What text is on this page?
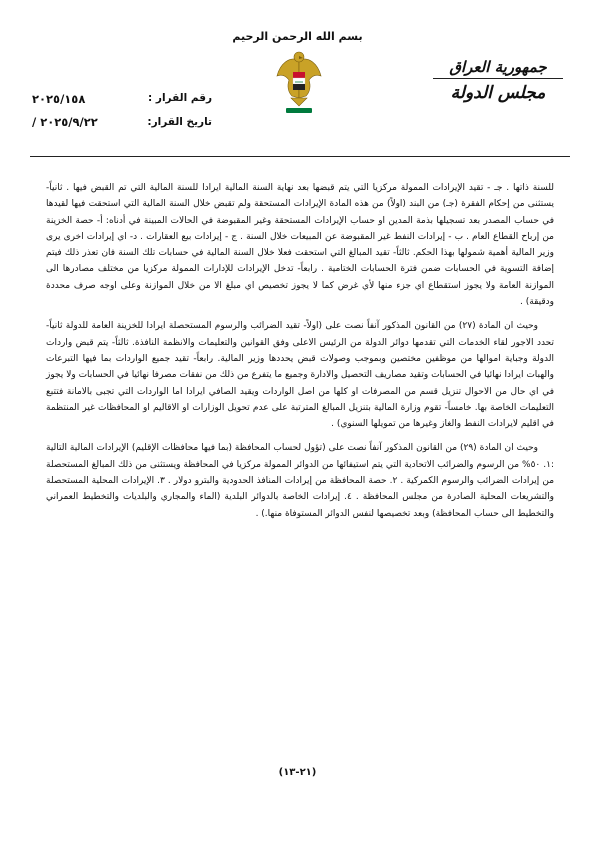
بسم الله الرحمن الرحيم
جمهورية العراق
مجلس الدولة
رقم القرار :
تاريخ القرار:
٢٠٢٥/١٥٨
/ ٢٠٢٥/٩/٢٢

للسنة ذاتها . جـ - تقيد الإيرادات الممولة مركزيا التي يتم قبضها بعد نهاية السنة المالية ايرادا للسنة المالية التي تم القبض فيها . ثانياً- يستثنى من إحكام الفقرة (جـ) من البند (اولاً) من هذه المادة الإيرادات المستحقة ولم تقبض خلال السنة المالية التي استحقت فيها لقيدها في حساب المصدر بعد تسجيلها بذمة المدين او حساب الإيرادات المستحقة وغير المقبوضة في الحالات المبينة في أدناه: أ- حصة الخزينة من إرباح القطاع العام . ب - إيرادات النفط غير المقبوضة عن المبيعات خلال السنة . ج - إيرادات بيع العقارات . د- اي إيرادات اخرى يرى وزير المالية أهمية شمولها بهذا الحكم. ثالثاً- تقيد المبالغ التي استحقت فعلا خلال السنة المالية في حسابات تلك السنة فان تعذر ذلك فيتم إضافة التسوية في الحسابات ضمن فترة الحسابات الختامية . رابعاً- تدخل الإيرادات للإدارات الممولة مركزيا من مختلف مصادرها الى الموازنة العامة ولا يجوز استقطاع اي جزء منها لأي غرض كما لا يجوز تخصيص اي مبلغ الا من خلال الموازنة وعلى اوجه صرف محددة ودقيقة) .

وحيث ان المادة (٢٧) من القانون المذكور آنفاً نصت على (اولاً- تقيد الضرائب والرسوم المستحصلة ايرادا للخزينة العامة للدولة ثانياً- تحدد الاجور لقاء الخدمات التي تقدمها دوائر الدولة من الرئيس الاعلى وفق القوانين والتعليمات والانظمة النافذة. ثالثاً- يتم قبض واردات الدولة وجباية اموالها من موظفين مختصين وبموجب وصولات قبض يحددها وزير المالية. رابعاً- تقيد جميع الواردات بما فيها التبرعات والهبات ايرادا نهائيا في الحسابات وتقيد مصاريف التحصيل والادارة وجميع ما يتفرع من ذلك من نفقات مصرفا نهائيا في الحسابات ولا يجوز في اي حال من الاحوال تنزيل قسم من المصرفات او كلها من اصل الواردات ويقيد الصافي ايرادا اما الواردات التي تجبى بالامانة فتتبع التعليمات الخاصة بها. خامساً- تقوم وزارة المالية بتنزيل المبالغ المترتبة على عدم تحويل الوزارات او الاقاليم او المحافظات غير المنتظمة في اقليم لايرادات النفط والغاز وغيرها من تمويلها السنوي) .

وحيث ان المادة (٢٩) من القانون المذكور آنفاً نصت على (تؤول لحساب المحافظة (بما فيها محافظات الإقليم) الإيرادات المالية التالية :١. ٥٠% من الرسوم والضرائب الاتحادية التي يتم استيفائها من الدوائر الممولة مركزيا في المحافظة ويستثنى من ذلك المبالغ المستحصلة من إيرادات الضرائب والرسوم الكمركية . ٢. حصة المحافظة من إيرادات المنافذ الحدودية والبترو دولار . ٣. الإيرادات المحلية المستحصلة والتشريعات المحلية الصادرة من مجلس المحافظة . ٤. إيرادات الخاصة بالدوائر البلدية (الماء والمجاري والبلديات والتخطيط العمراني والتخطيط الى حساب المحافظة) وبعد تخصيصها لنفس الدوائر المستوفاة منها.) .

(٢١-١٣)
